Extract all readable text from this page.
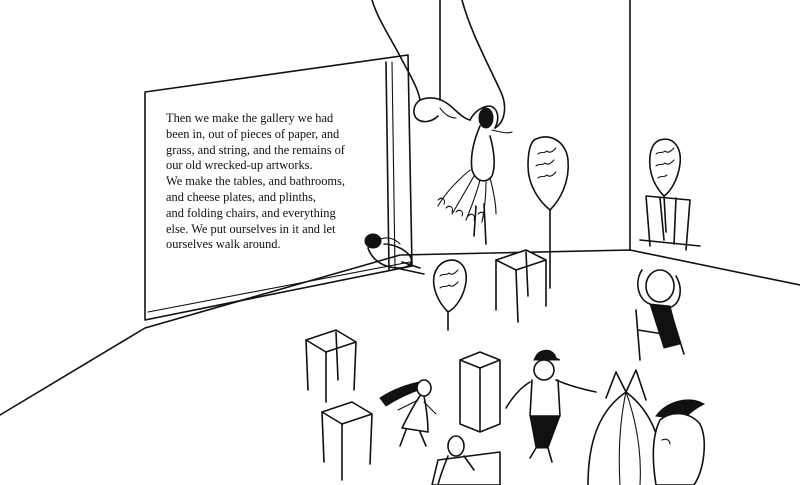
Then we make the gallery we had
been in, out of pieces of paper, and
grass, and string, and the remains of
our old wrecked-up artworks.
We make the tables, and bathrooms,
and cheese plates, and plinths,
and folding chairs, and everything
else. We put ourselves in it and let
ourselves walk around.
